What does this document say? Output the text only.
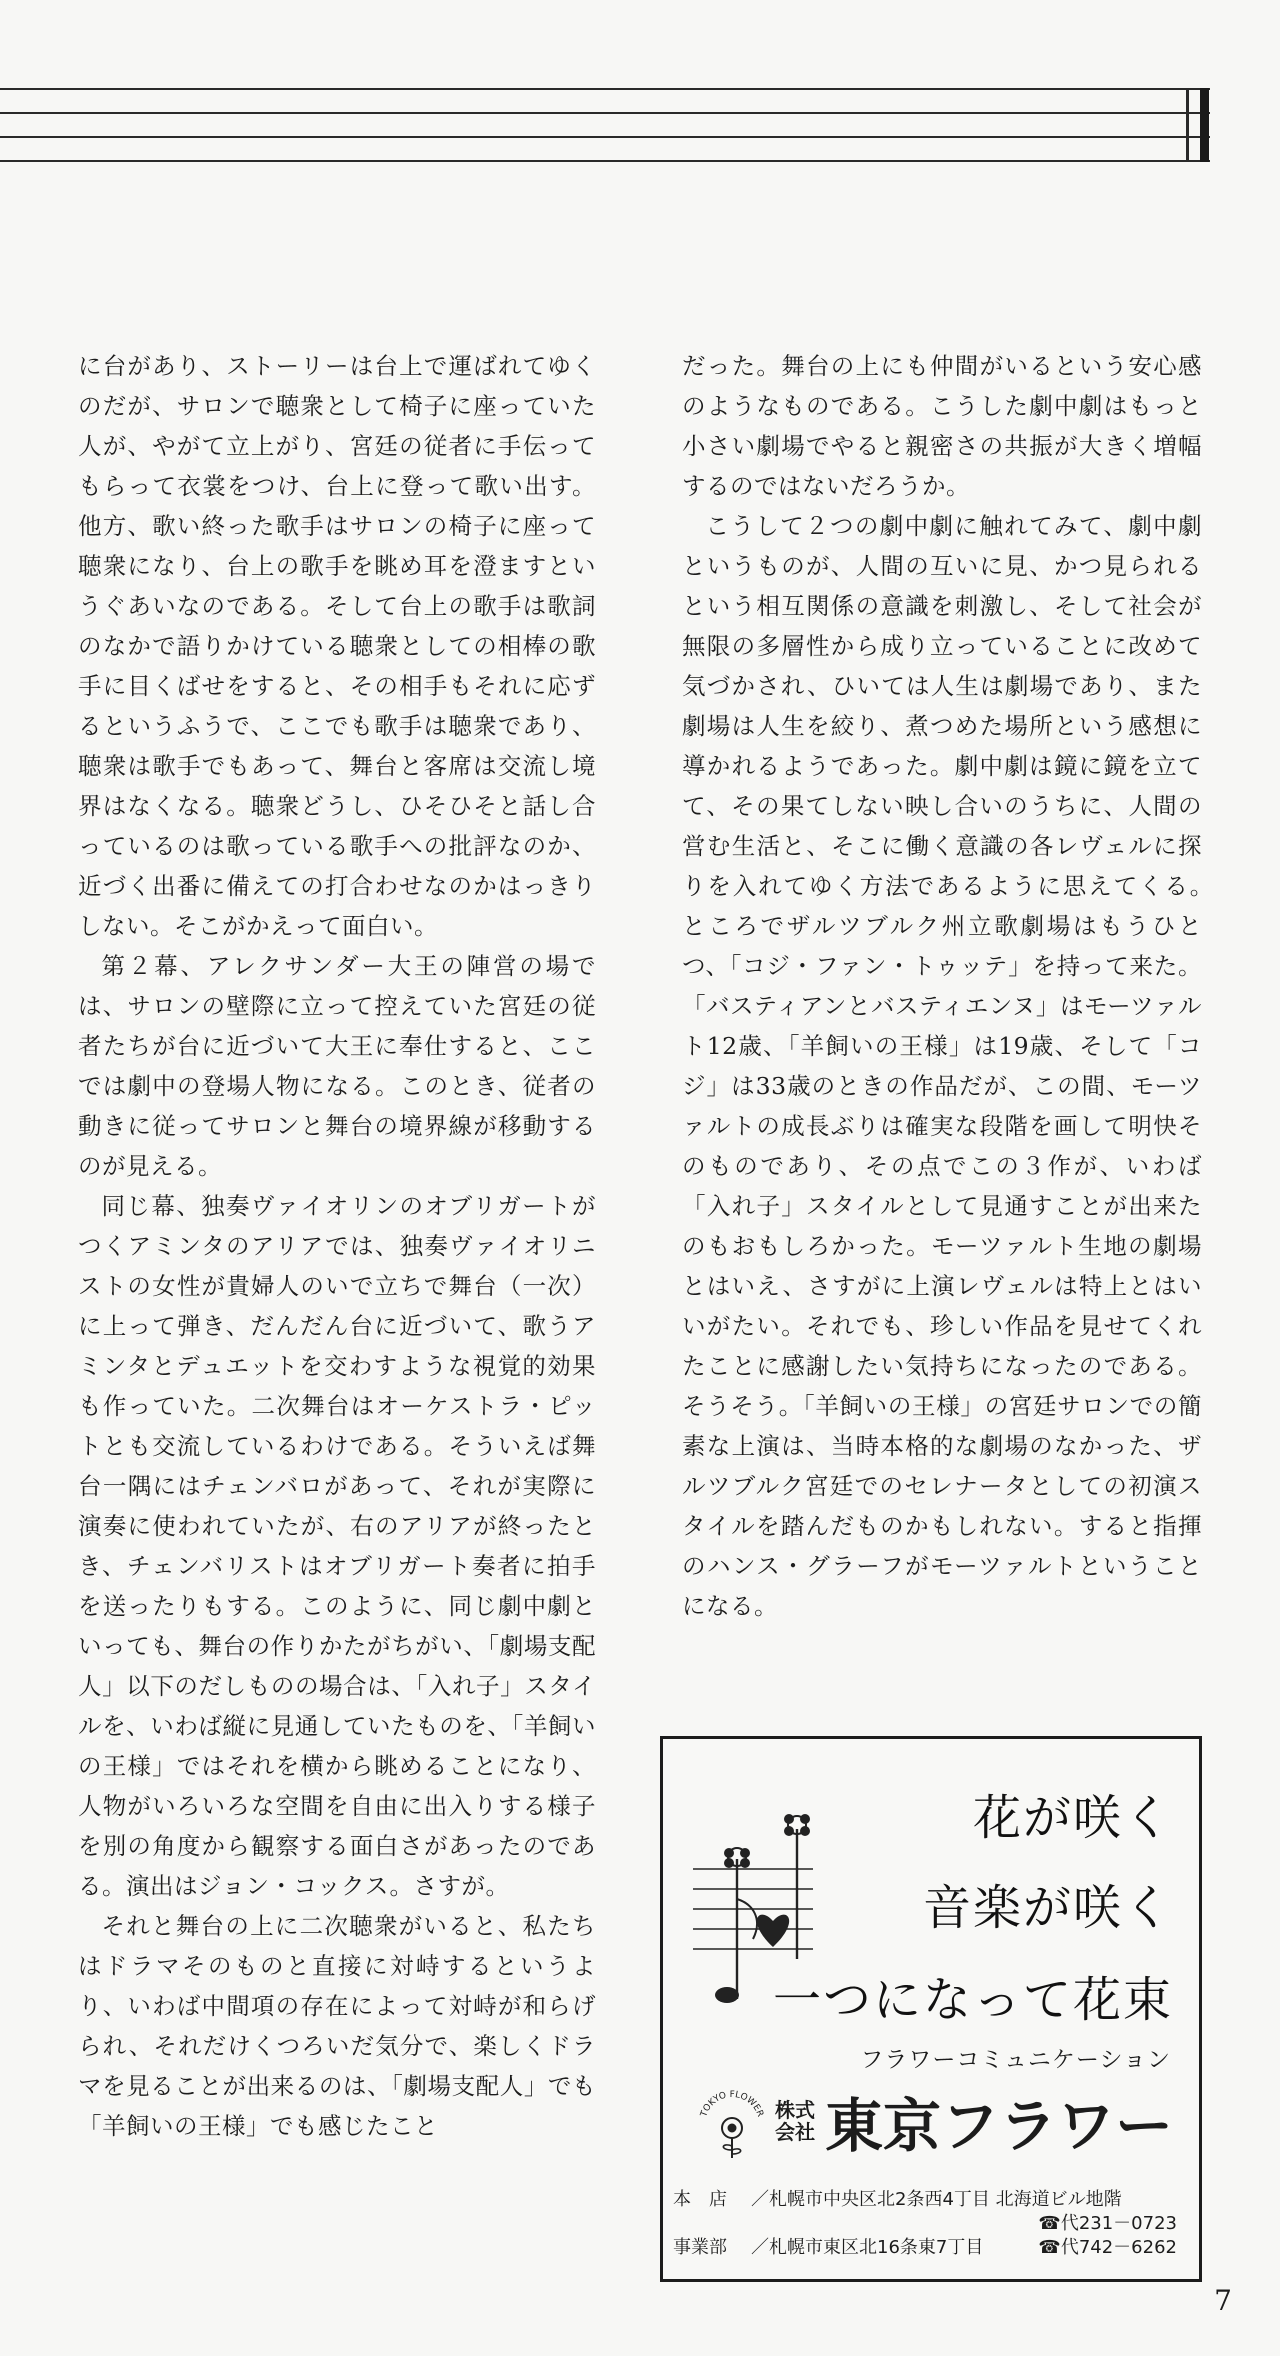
に台があり、ストーリーは台上で運ばれてゆくのだが、サロンで聴衆として椅子に座っていた人が、やがて立上がり、宮廷の従者に手伝ってもらって衣裳をつけ、台上に登って歌い出す。他方、歌い終った歌手はサロンの椅子に座って聴衆になり、台上の歌手を眺め耳を澄ますというぐあいなのである。そして台上の歌手は歌詞のなかで語りかけている聴衆としての相棒の歌手に目くばせをすると、その相手もそれに応ずるというふうで、ここでも歌手は聴衆であり、聴衆は歌手でもあって、舞台と客席は交流し境界はなくなる。聴衆どうし、ひそひそと話し合っているのは歌っている歌手への批評なのか、近づく出番に備えての打合わせなのかはっきりしない。そこがかえって面白い。

第２幕、アレクサンダー大王の陣営の場では、サロンの壁際に立って控えていた宮廷の従者たちが台に近づいて大王に奉仕すると、ここでは劇中の登場人物になる。このとき、従者の動きに従ってサロンと舞台の境界線が移動するのが見える。

同じ幕、独奏ヴァイオリンのオブリガートがつくアミンタのアリアでは、独奏ヴァイオリニストの女性が貴婦人のいで立ちで舞台（一次）に上って弾き、だんだん台に近づいて、歌うアミンタとデュエットを交わすような視覚的効果も作っていた。二次舞台はオーケストラ・ピットとも交流しているわけである。そういえば舞台一隅にはチェンバロがあって、それが実際に演奏に使われていたが、右のアリアが終ったとき、チェンバリストはオブリガート奏者に拍手を送ったりもする。このように、同じ劇中劇といっても、舞台の作りかたがちがい、「劇場支配人」以下のだしものの場合は、「入れ子」スタイルを、いわば縦に見通していたものを、「羊飼いの王様」ではそれを横から眺めることになり、人物がいろいろな空間を自由に出入りする様子を別の角度から観察する面白さがあったのである。演出はジョン・コックス。さすが。

それと舞台の上に二次聴衆がいると、私たちはドラマそのものと直接に対峙するというより、いわば中間項の存在によって対峙が和らげられ、それだけくつろいだ気分で、楽しくドラマを見ることが出来るのは、「劇場支配人」でも「羊飼いの王様」でも感じたこと

だった。舞台の上にも仲間がいるという安心感のようなものである。こうした劇中劇はもっと小さい劇場でやると親密さの共振が大きく増幅するのではないだろうか。

こうして２つの劇中劇に触れてみて、劇中劇というものが、人間の互いに見、かつ見られるという相互関係の意識を刺激し、そして社会が無限の多層性から成り立っていることに改めて気づかされ、ひいては人生は劇場であり、また劇場は人生を絞り、煮つめた場所という感想に導かれるようであった。劇中劇は鏡に鏡を立てて、その果てしない映し合いのうちに、人間の営む生活と、そこに働く意識の各レヴェルに探りを入れてゆく方法であるように思えてくる。　ところでザルツブルク州立歌劇場はもうひとつ、「コジ・ファン・トゥッテ」を持って来た。「バスティアンとバスティエンヌ」はモーツァルト12歳、「羊飼いの王様」は19歳、そして「コジ」は33歳のときの作品だが、この間、モーツァルトの成長ぶりは確実な段階を画して明快そのものであり、その点でこの３作が、いわば「入れ子」スタイルとして見通すことが出来たのもおもしろかった。モーツァルト生地の劇場とはいえ、さすがに上演レヴェルは特上とはいいがたい。それでも、珍しい作品を見せてくれたことに感謝したい気持ちになったのである。そうそう。「羊飼いの王様」の宮廷サロンでの簡素な上演は、当時本格的な劇場のなかった、ザルツブルク宮廷でのセレナータとしての初演スタイルを踏んだものかもしれない。すると指揮のハンス・グラーフがモーツァルトということになる。

花が咲く
音楽が咲く
一つになって花束
フラワーコミュニケーション
TOKYO FLOWER 株式
会社 東京フラワー
本　店 ／札幌市中央区北2条西4丁目 北海道ビル地階
☎代231－0723
事業部 ／札幌市東区北16条東7丁目	☎代742－6262
7
